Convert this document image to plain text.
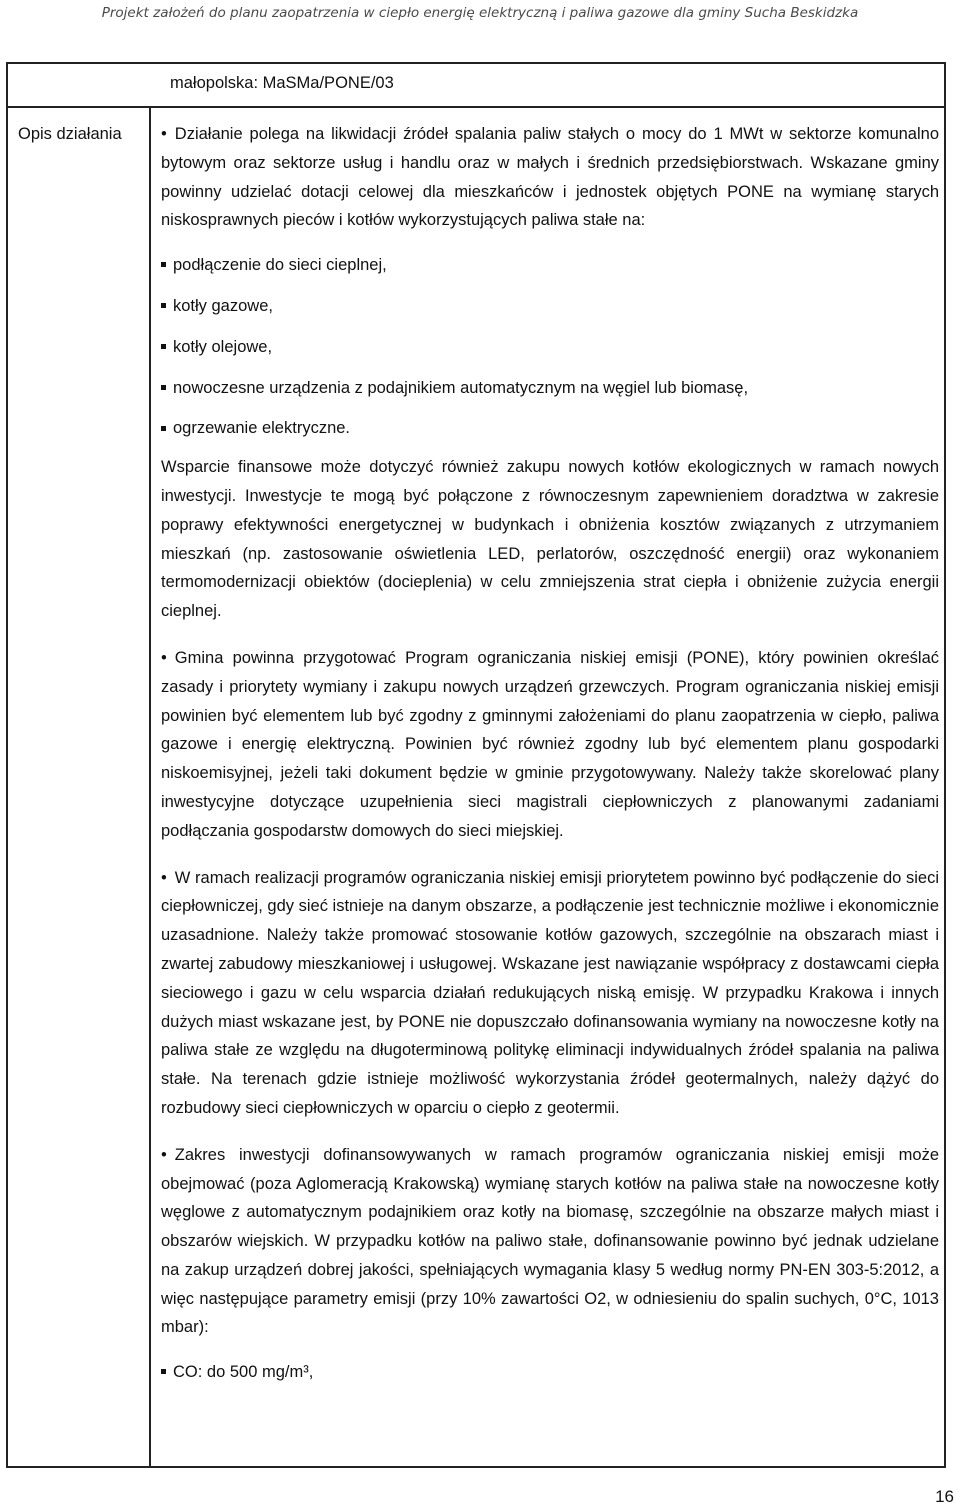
Projekt założeń do planu zaopatrzenia w ciepło energię elektryczną i paliwa gazowe dla gminy Sucha Beskidzka
małopolska: MaSMa/PONE/03
Opis działania • Działanie polega na likwidacji źródeł spalania paliw stałych o mocy do 1 MWt w sektorze komunalno bytowym oraz sektorze usług i handlu oraz w małych i średnich przedsiębiorstwach. Wskazane gminy powinny udzielać dotacji celowej dla mieszkańców i jednostek objętych PONE na wymianę starych niskosprawnych pieców i kotłów wykorzystujących paliwa stałe na:

podłączenie do sieci cieplnej,
kotły gazowe,
kotły olejowe,
nowoczesne urządzenia z podajnikiem automatycznym na węgiel lub biomasę,
ogrzewanie elektryczne.

Wsparcie finansowe może dotyczyć również zakupu nowych kotłów ekologicznych w ramach nowych inwestycji. Inwestycje te mogą być połączone z równoczesnym zapewnieniem doradztwa w zakresie poprawy efektywności energetycznej w budynkach i obniżenia kosztów związanych z utrzymaniem mieszkań (np. zastosowanie oświetlenia LED, perlatorów, oszczędność energii) oraz wykonaniem termomodernizacji obiektów (docieplenia) w celu zmniejszenia strat ciepła i obniżenie zużycia energii cieplnej.

• Gmina powinna przygotować Program ograniczania niskiej emisji (PONE), który powinien określać zasady i priorytety wymiany i zakupu nowych urządzeń grzewczych. Program ograniczania niskiej emisji powinien być elementem lub być zgodny z gminnymi założeniami do planu zaopatrzenia w ciepło, paliwa gazowe i energię elektryczną. Powinien być również zgodny lub być elementem planu gospodarki niskoemisyjnej, jeżeli taki dokument będzie w gminie przygotowywany. Należy także skorelować plany inwestycyjne dotyczące uzupełnienia sieci magistrali ciepłowniczych z planowanymi zadaniami podłączania gospodarstw domowych do sieci miejskiej.

• W ramach realizacji programów ograniczania niskiej emisji priorytetem powinno być podłączenie do sieci ciepłowniczej, gdy sieć istnieje na danym obszarze, a podłączenie jest technicznie możliwe i ekonomicznie uzasadnione. Należy także promować stosowanie kotłów gazowych, szczególnie na obszarach miast i zwartej zabudowy mieszkaniowej i usługowej. Wskazane jest nawiązanie współpracy z dostawcami ciepła sieciowego i gazu w celu wsparcia działań redukujących niską emisję. W przypadku Krakowa i innych dużych miast wskazane jest, by PONE nie dopuszczało dofinansowania wymiany na nowoczesne kotły na paliwa stałe ze względu na długoterminową politykę eliminacji indywidualnych źródeł spalania na paliwa stałe. Na terenach gdzie istnieje możliwość wykorzystania źródeł geotermalnych, należy dążyć do rozbudowy sieci ciepłowniczych w oparciu o ciepło z geotermii.

• Zakres inwestycji dofinansowywanych w ramach programów ograniczania niskiej emisji może obejmować (poza Aglomeracją Krakowską) wymianę starych kotłów na paliwa stałe na nowoczesne kotły węglowe z automatycznym podajnikiem oraz kotły na biomasę, szczególnie na obszarze małych miast i obszarów wiejskich. W przypadku kotłów na paliwo stałe, dofinansowanie powinno być jednak udzielane na zakup urządzeń dobrej jakości, spełniających wymagania klasy 5 według normy PN-EN 303-5:2012, a więc następujące parametry emisji (przy 10% zawartości O2, w odniesieniu do spalin suchych, 0°C, 1013 mbar):

CO: do 500 mg/m³,
16
